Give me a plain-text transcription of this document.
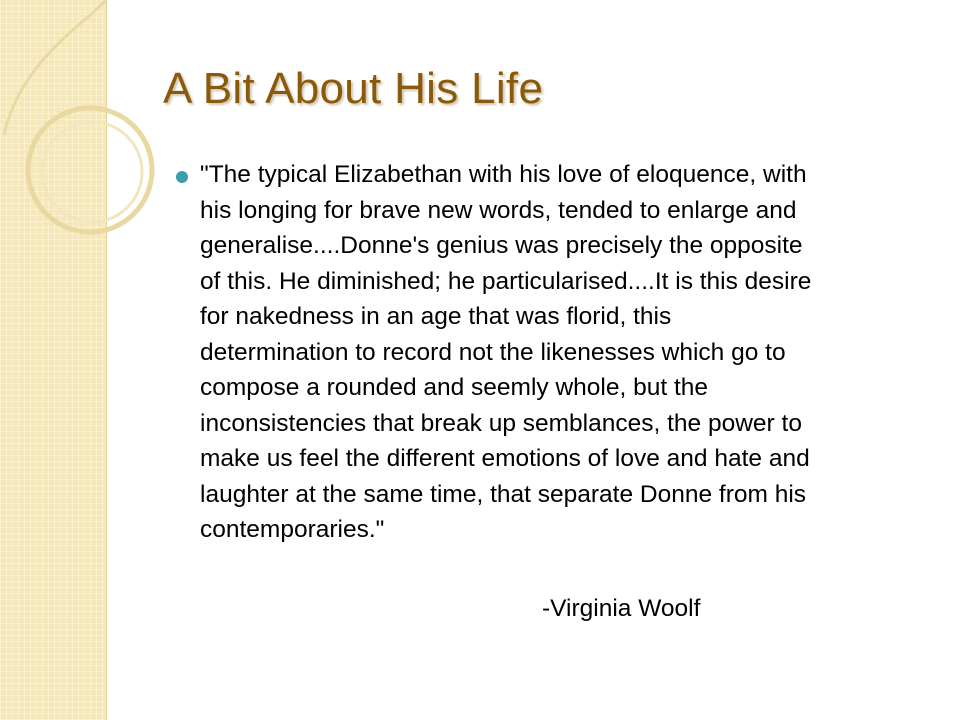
A Bit About His Life

"The typical Elizabethan with his love of eloquence, with
his longing for brave new words, tended to enlarge and
generalise....Donne's genius was precisely the opposite
of this. He diminished; he particularised....It is this desire
for nakedness in an age that was florid, this
determination to record not the likenesses which go to
compose a rounded and seemly whole, but the
inconsistencies that break up semblances, the power to
make us feel the different emotions of love and hate and
laughter at the same time, that separate Donne from his
contemporaries."

-Virginia Woolf
